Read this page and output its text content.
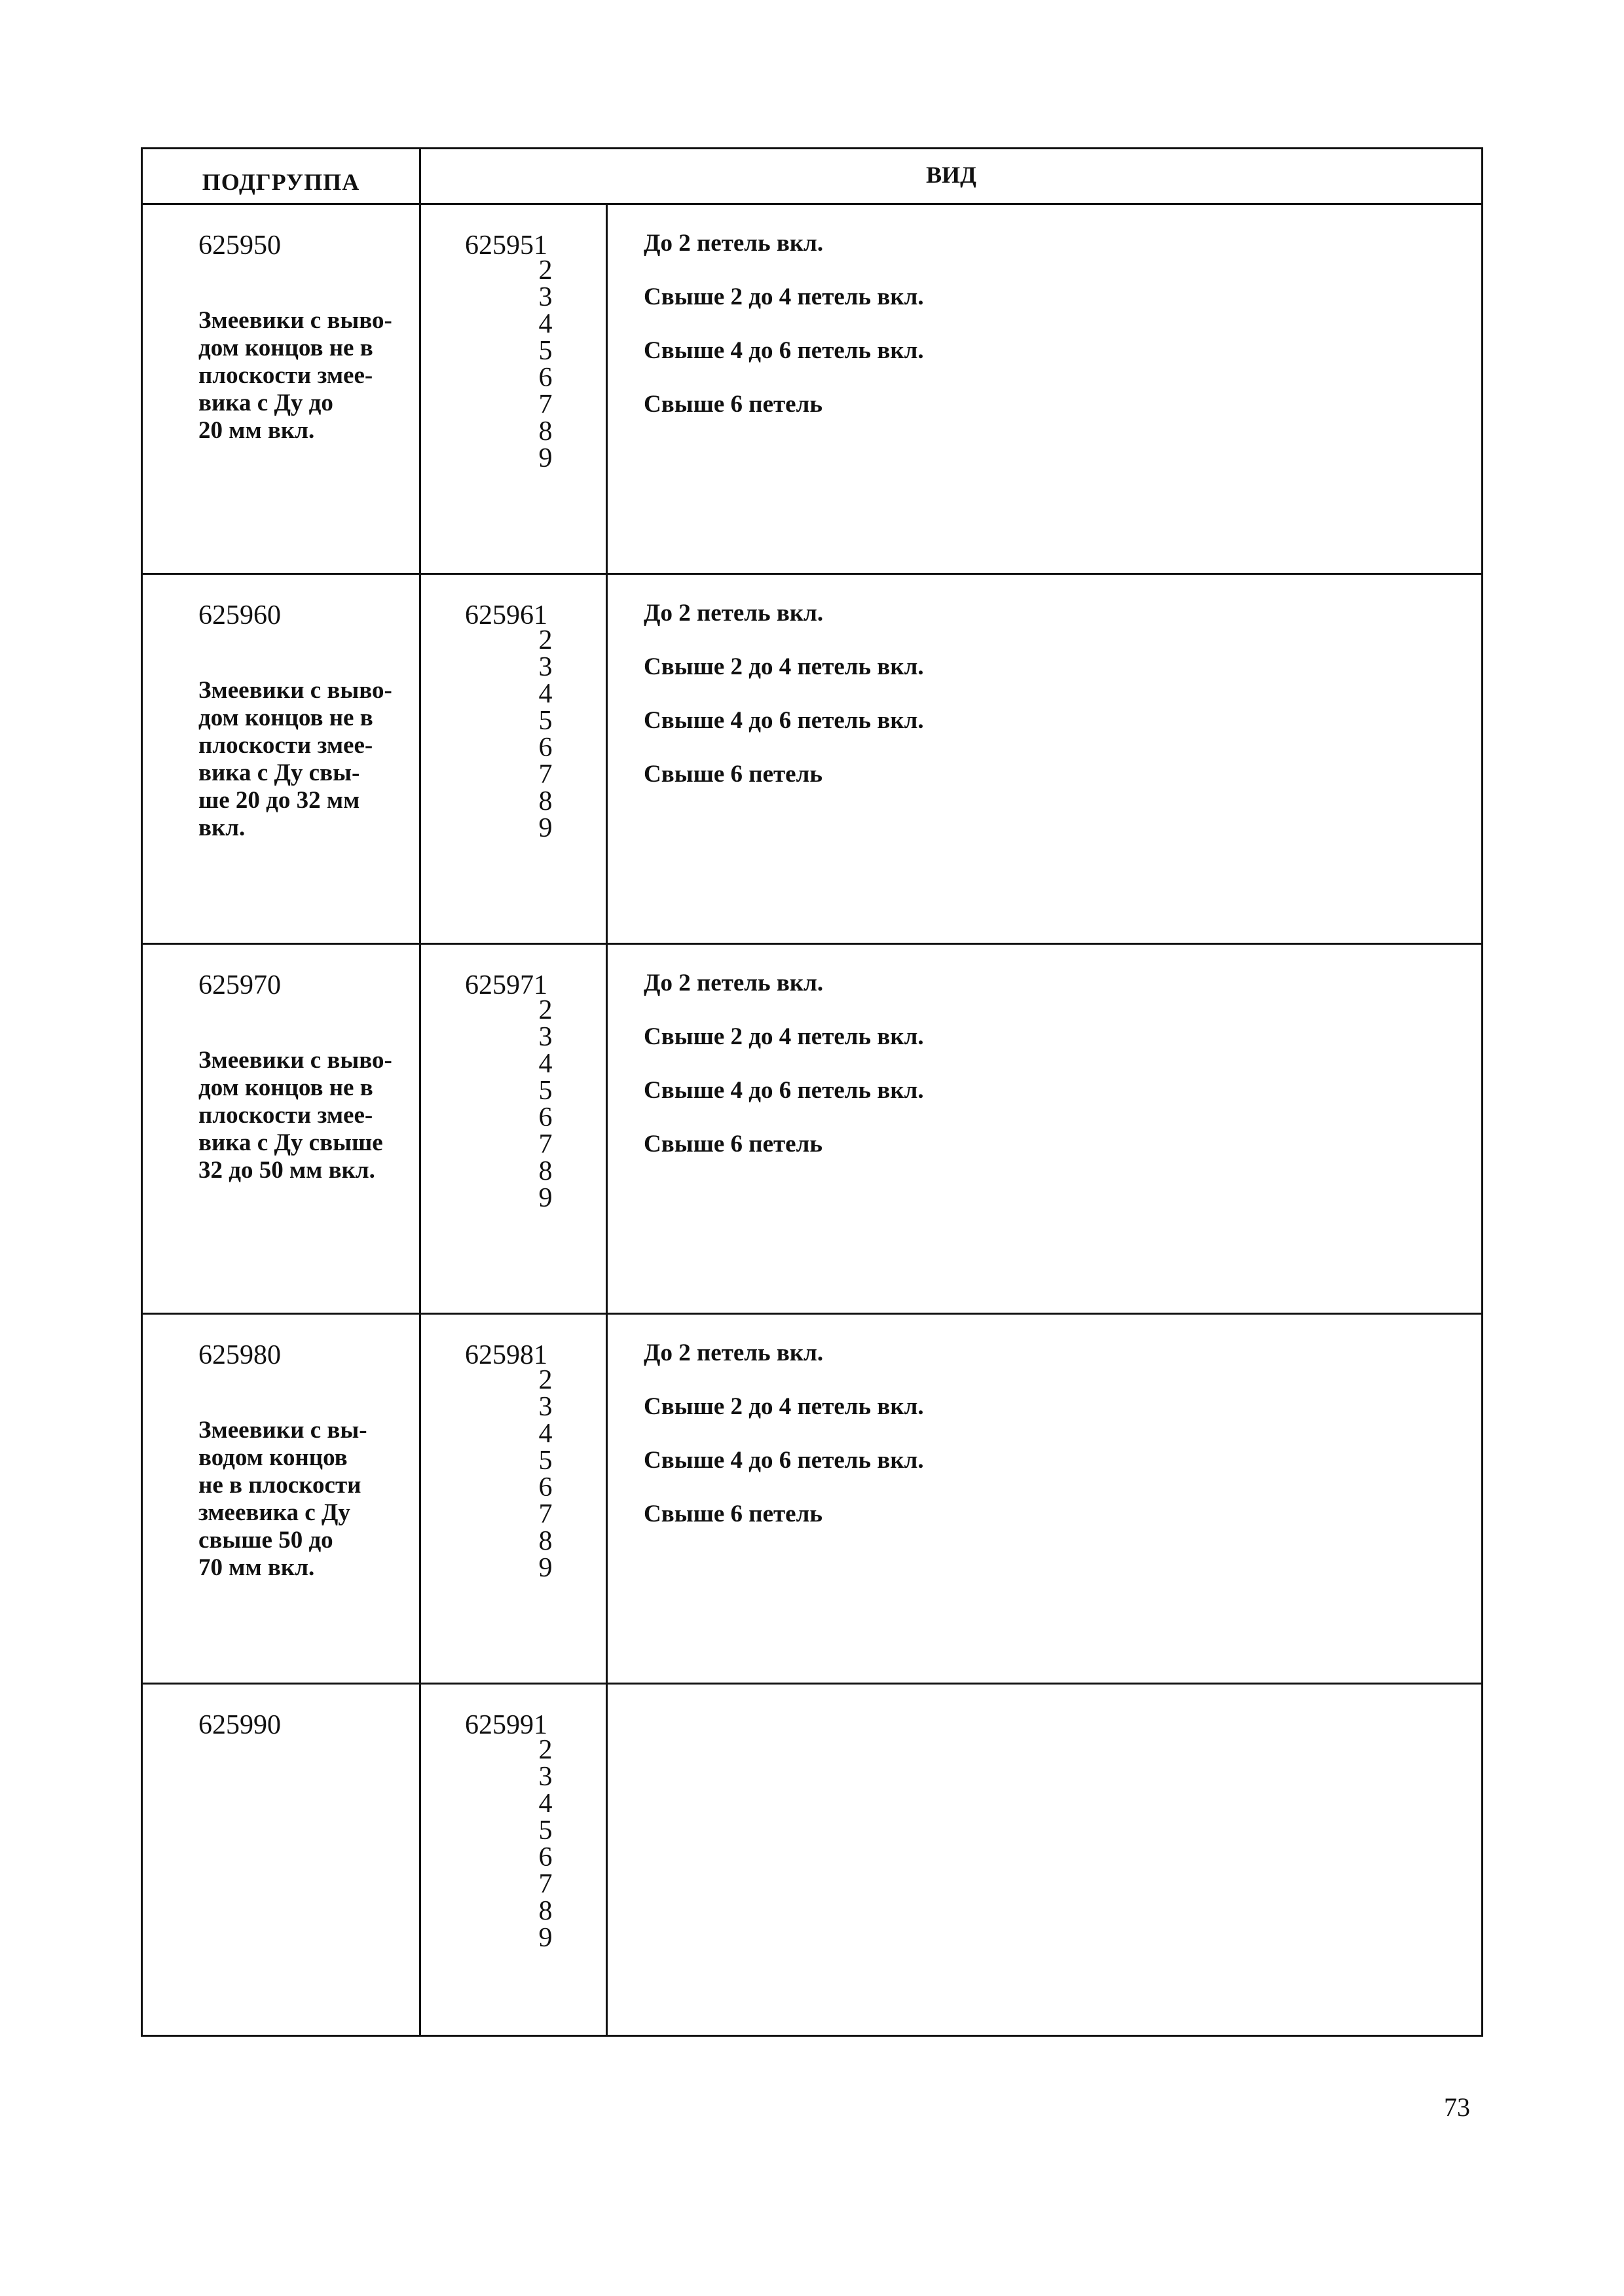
ПОДГРУППА	ВИД
625950
Змеевики с выво-
дом концов не в
плоскости змее-
вика с Ду до
20 мм вкл.
625951
2
3
4
5
6
7
8
9
До 2 петель вкл.
Свыше 2 до 4 петель вкл.
Свыше 4 до 6 петель вкл.
Свыше 6 петель
625960
Змеевики с выво-
дом концов не в
плоскости змее-
вика с Ду свы-
ше 20 до 32 мм
вкл.
625961
2
3
4
5
6
7
8
9
До 2 петель вкл.
Свыше 2 до 4 петель вкл.
Свыше 4 до 6 петель вкл.
Свыше 6 петель
625970
Змеевики с выво-
дом концов не в
плоскости змее-
вика с Ду свыше
32 до 50 мм вкл.
625971
2
3
4
5
6
7
8
9
До 2 петель вкл.
Свыше 2 до 4 петель вкл.
Свыше 4 до 6 петель вкл.
Свыше 6 петель
625980
Змеевики с вы-
водом концов
не в плоскости
змеевика с Ду
свыше 50 до
70 мм вкл.
625981
2
3
4
5
6
7
8
9
До 2 петель вкл.
Свыше 2 до 4 петель вкл.
Свыше 4 до 6 петель вкл.
Свыше 6 петель
625990	625991
2
3
4
5
6
7
8
9
73
